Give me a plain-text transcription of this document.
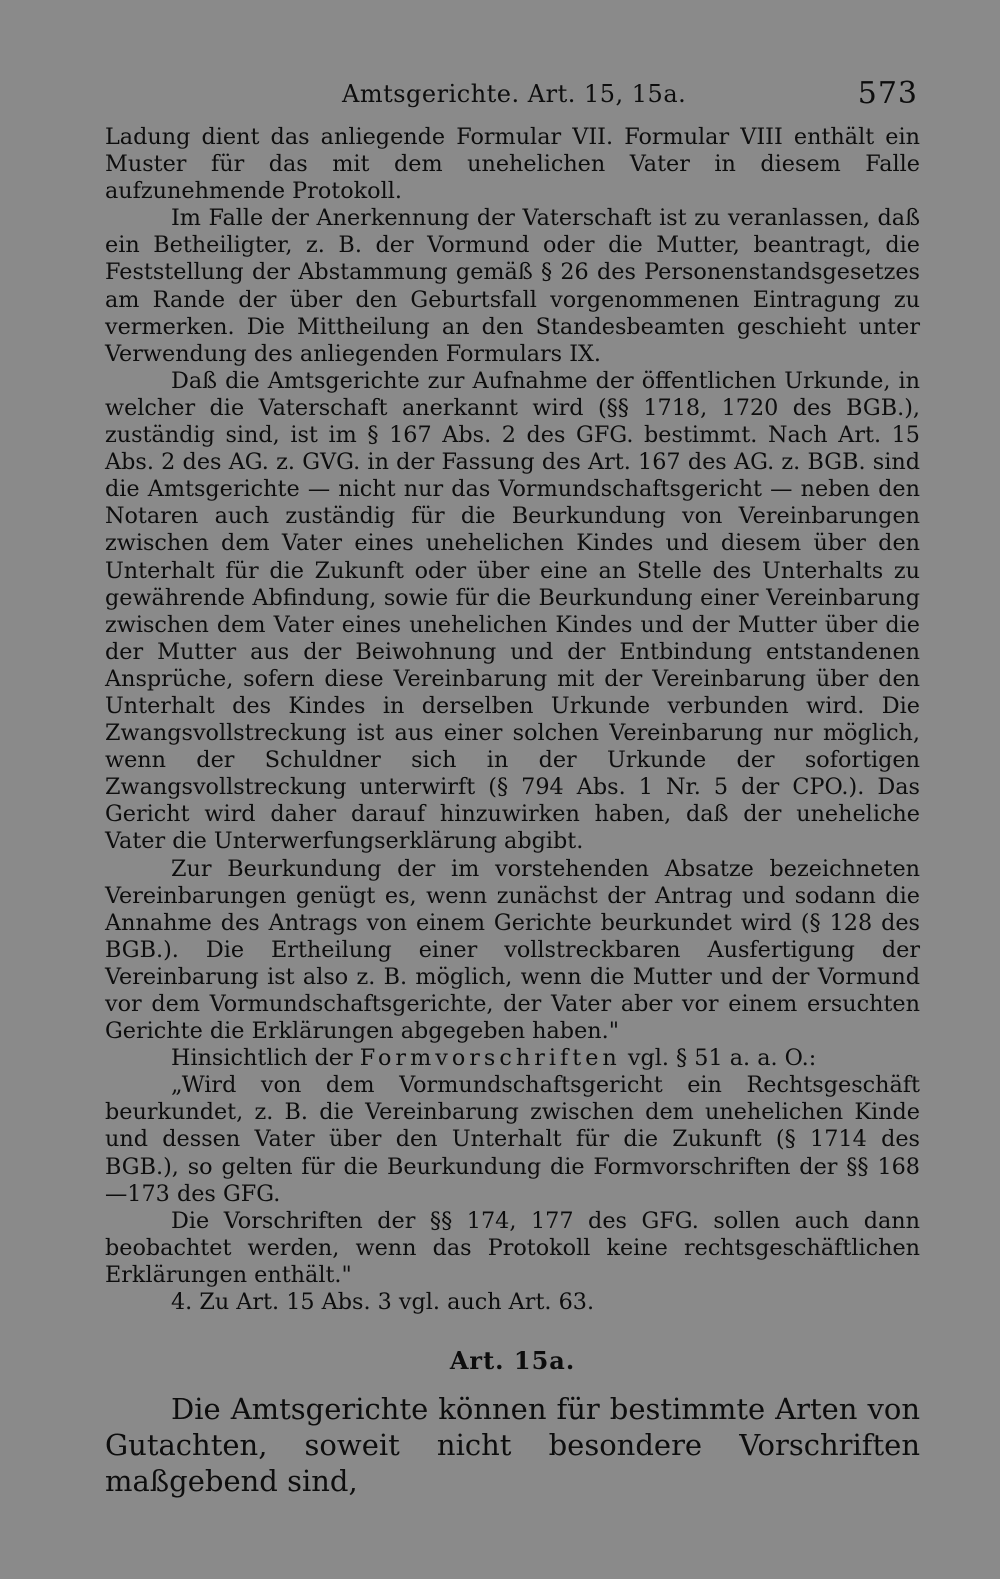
Amtsgerichte. Art. 15, 15a.	573

Ladung dient das anliegende Formular VII. Formular VIII enthält ein Muster für das mit dem unehelichen Vater in diesem Falle aufzunehmende Protokoll.

Im Falle der Anerkennung der Vaterschaft ist zu veranlassen, daß ein Betheiligter, z. B. der Vormund oder die Mutter, beantragt, die Feststellung der Abstammung gemäß § 26 des Personenstandsgesetzes am Rande der über den Geburtsfall vorgenommenen Eintragung zu vermerken. Die Mittheilung an den Standesbeamten geschieht unter Verwendung des anliegenden Formulars IX.

Daß die Amtsgerichte zur Aufnahme der öffentlichen Urkunde, in welcher die Vaterschaft anerkannt wird (§§ 1718, 1720 des BGB.), zuständig sind, ist im § 167 Abs. 2 des GFG. bestimmt. Nach Art. 15 Abs. 2 des AG. z. GVG. in der Fassung des Art. 167 des AG. z. BGB. sind die Amtsgerichte — nicht nur das Vormundschaftsgericht — neben den Notaren auch zuständig für die Beurkundung von Vereinbarungen zwischen dem Vater eines unehelichen Kindes und diesem über den Unterhalt für die Zukunft oder über eine an Stelle des Unterhalts zu gewährende Abfindung, sowie für die Beurkundung einer Vereinbarung zwischen dem Vater eines unehelichen Kindes und der Mutter über die der Mutter aus der Beiwohnung und der Entbindung entstandenen Ansprüche, sofern diese Vereinbarung mit der Vereinbarung über den Unterhalt des Kindes in derselben Urkunde verbunden wird. Die Zwangsvollstreckung ist aus einer solchen Vereinbarung nur möglich, wenn der Schuldner sich in der Urkunde der sofortigen Zwangsvollstreckung unterwirft (§ 794 Abs. 1 Nr. 5 der CPO.). Das Gericht wird daher darauf hinzuwirken haben, daß der uneheliche Vater die Unterwerfungserklärung abgibt.

Zur Beurkundung der im vorstehenden Absatze bezeichneten Vereinbarungen genügt es, wenn zunächst der Antrag und sodann die Annahme des Antrags von einem Gerichte beurkundet wird (§ 128 des BGB.). Die Ertheilung einer vollstreckbaren Ausfertigung der Vereinbarung ist also z. B. möglich, wenn die Mutter und der Vormund vor dem Vormundschaftsgerichte, der Vater aber vor einem ersuchten Gerichte die Erklärungen abgegeben haben."

Hinsichtlich der Formvorschriften vgl. § 51 a. a. O.:

„Wird von dem Vormundschaftsgericht ein Rechtsgeschäft beurkundet, z. B. die Vereinbarung zwischen dem unehelichen Kinde und dessen Vater über den Unterhalt für die Zukunft (§ 1714 des BGB.), so gelten für die Beurkundung die Formvorschriften der §§ 168—173 des GFG.

Die Vorschriften der §§ 174, 177 des GFG. sollen auch dann beobachtet werden, wenn das Protokoll keine rechtsgeschäftlichen Erklärungen enthält."

4. Zu Art. 15 Abs. 3 vgl. auch Art. 63.

Art. 15a.

Die Amtsgerichte können für bestimmte Arten von Gutachten, soweit nicht besondere Vorschriften maßgebend sind,
